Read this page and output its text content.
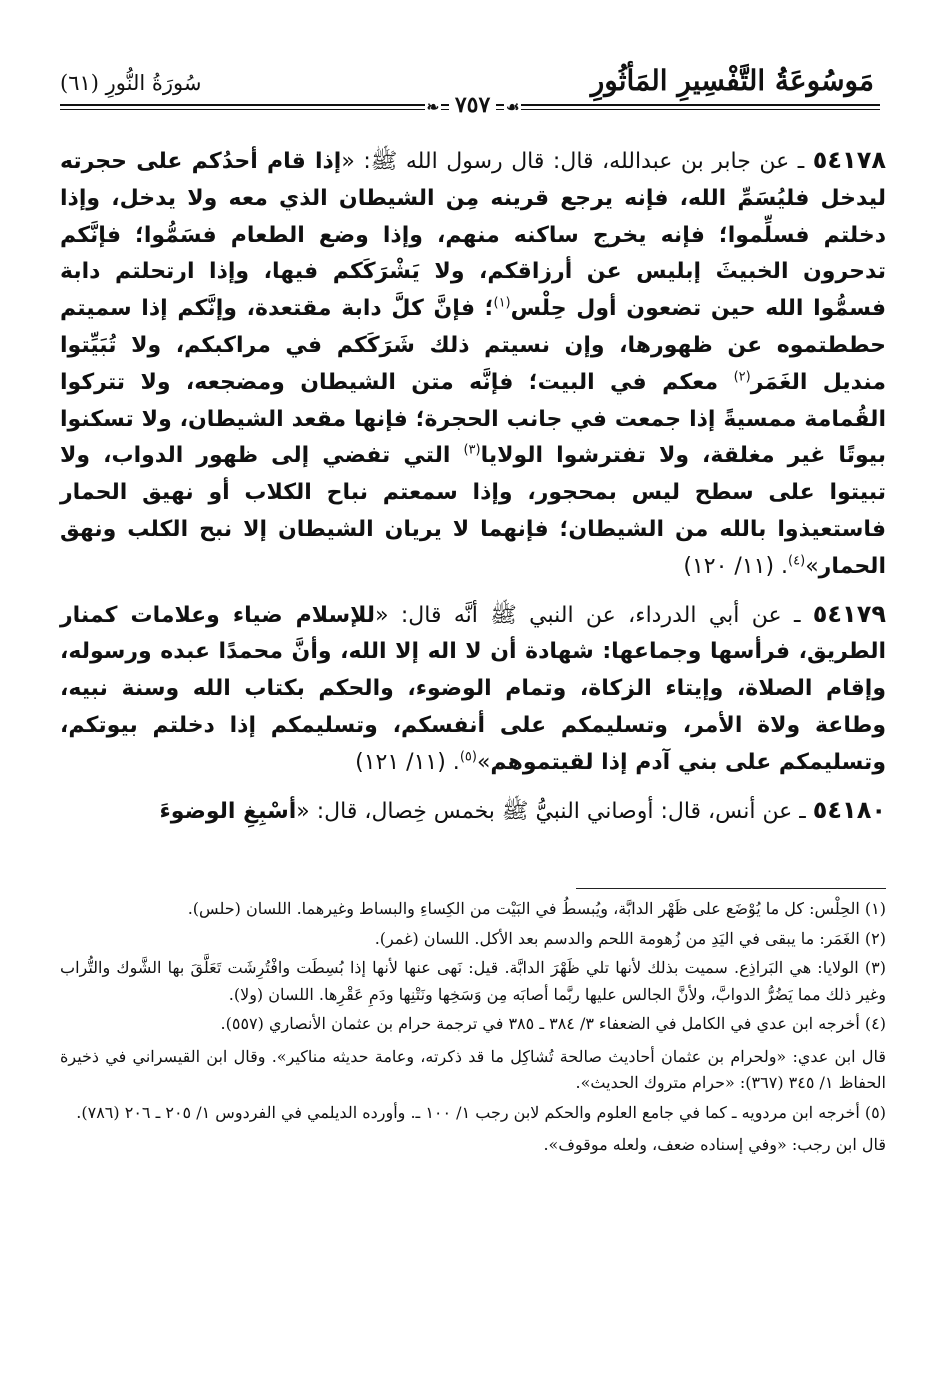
مَوسُوعَةُ التَّفْسِيرِ المَأثُورِ
سُورَةُ النُّورِ (٦١)
☙ ٧٥٧ ❧

٥٤١٧٨ ـ عن جابر بن عبدالله، قال: قال رسول الله ﷺ: «إذا قام أحدُكم على حجرته ليدخل فليُسَمِّ الله، فإنه يرجع قرينه مِن الشيطان الذي معه ولا يدخل، وإذا دخلتم فسلِّموا؛ فإنه يخرج ساكنه منهم، وإذا وضع الطعام فسَمُّوا؛ فإنَّكم تدحرون الخبيثَ إبليس عن أرزاقكم، ولا يَشْرَكَكم فيها، وإذا ارتحلتم دابة فسمُّوا الله حين تضعون أول حِلْس$^{(١)}$؛ فإنَّ كلَّ دابة مقتعدة، وإنَّكم إذا سميتم حططتموه عن ظهورها، وإن نسيتم ذلك شَرَكَكم في مراكبكم، ولا تُبَيِّتوا منديل الغَمَر$^{(٢)}$ معكم في البيت؛ فإنَّه متن الشيطان ومضجعه، ولا تتركوا القُمامة ممسيةً إذا جمعت في جانب الحجرة؛ فإنها مقعد الشيطان، ولا تسكنوا بيوتًا غير مغلقة، ولا تفترشوا الولايا$^{(٣)}$ التي تفضي إلى ظهور الدواب، ولا تبيتوا على سطح ليس بمحجور، وإذا سمعتم نباح الكلاب أو نهيق الحمار فاستعيذوا بالله من الشيطان؛ فإنهما لا يريان الشيطان إلا نبح الكلب ونهق الحمار»$^{(٤)}$. (١١/ ١٢٠)

٥٤١٧٩ ـ عن أبي الدرداء، عن النبي ﷺ أنَّه قال: «للإسلام ضياء وعلامات كمنار الطريق، فرأسها وجماعها: شهادة أن لا اله إلا الله، وأنَّ محمدًا عبده ورسوله، وإقام الصلاة، وإيتاء الزكاة، وتمام الوضوء، والحكم بكتاب الله وسنة نبيه، وطاعة ولاة الأمر، وتسليمكم على أنفسكم، وتسليمكم إذا دخلتم بيوتكم، وتسليمكم على بني آدم إذا لقيتموهم»$^{(٥)}$. (١١/ ١٢١)

٥٤١٨٠ ـ عن أنس، قال: أوصاني النبيُّ ﷺ بخمس خِصال، قال: «أسْبِغِ الوضوءَ

(١) الحِلْس: كل ما يُوْضَع على ظَهْر الدابَّة، ويُبسطُ في البَيْت من الكِساءِ والبساط وغيرهما. اللسان (حلس).

(٢) الغَمَر: ما يبقى في اليَدِ من زُهومة اللحم والدسم بعد الأكل. اللسان (غمر).

(٣) الولايا: هي البَراذِع. سميت بذلك لأنها تلي ظَهْرَ الدابَّة. قيل: نَهى عنها لأنها إذا بُسِطَت وافْتُرِشَت تَعَلَّقَ بها الشَّوك والتُّراب وغير ذلك مما يَضُرُّ الدوابَّ، ولأنَّ الجالس عليها ربَّما أصابَه مِن وَسَخِها ونَتْنِها ودَمِ عَقْرِها. اللسان (ولا).

(٤) أخرجه ابن عدي في الكامل في الضعفاء ٣/ ٣٨٤ ـ ٣٨٥ في ترجمة حرام بن عثمان الأنصاري (٥٥٧).

قال ابن عدي: «ولحرام بن عثمان أحاديث صالحة تُشاكِل ما قد ذكرته، وعامة حديثه مناكير». وقال ابن القيسراني في ذخيرة الحفاظ ١/ ٣٤٥ (٣٦٧): «حرام متروك الحديث».

(٥) أخرجه ابن مردويه ـ كما في جامع العلوم والحكم لابن رجب ١/ ١٠٠ ـ. وأورده الديلمي في الفردوس ١/ ٢٠٥ ـ ٢٠٦ (٧٨٦).

قال ابن رجب: «وفي إسناده ضعف، ولعله موقوف».
